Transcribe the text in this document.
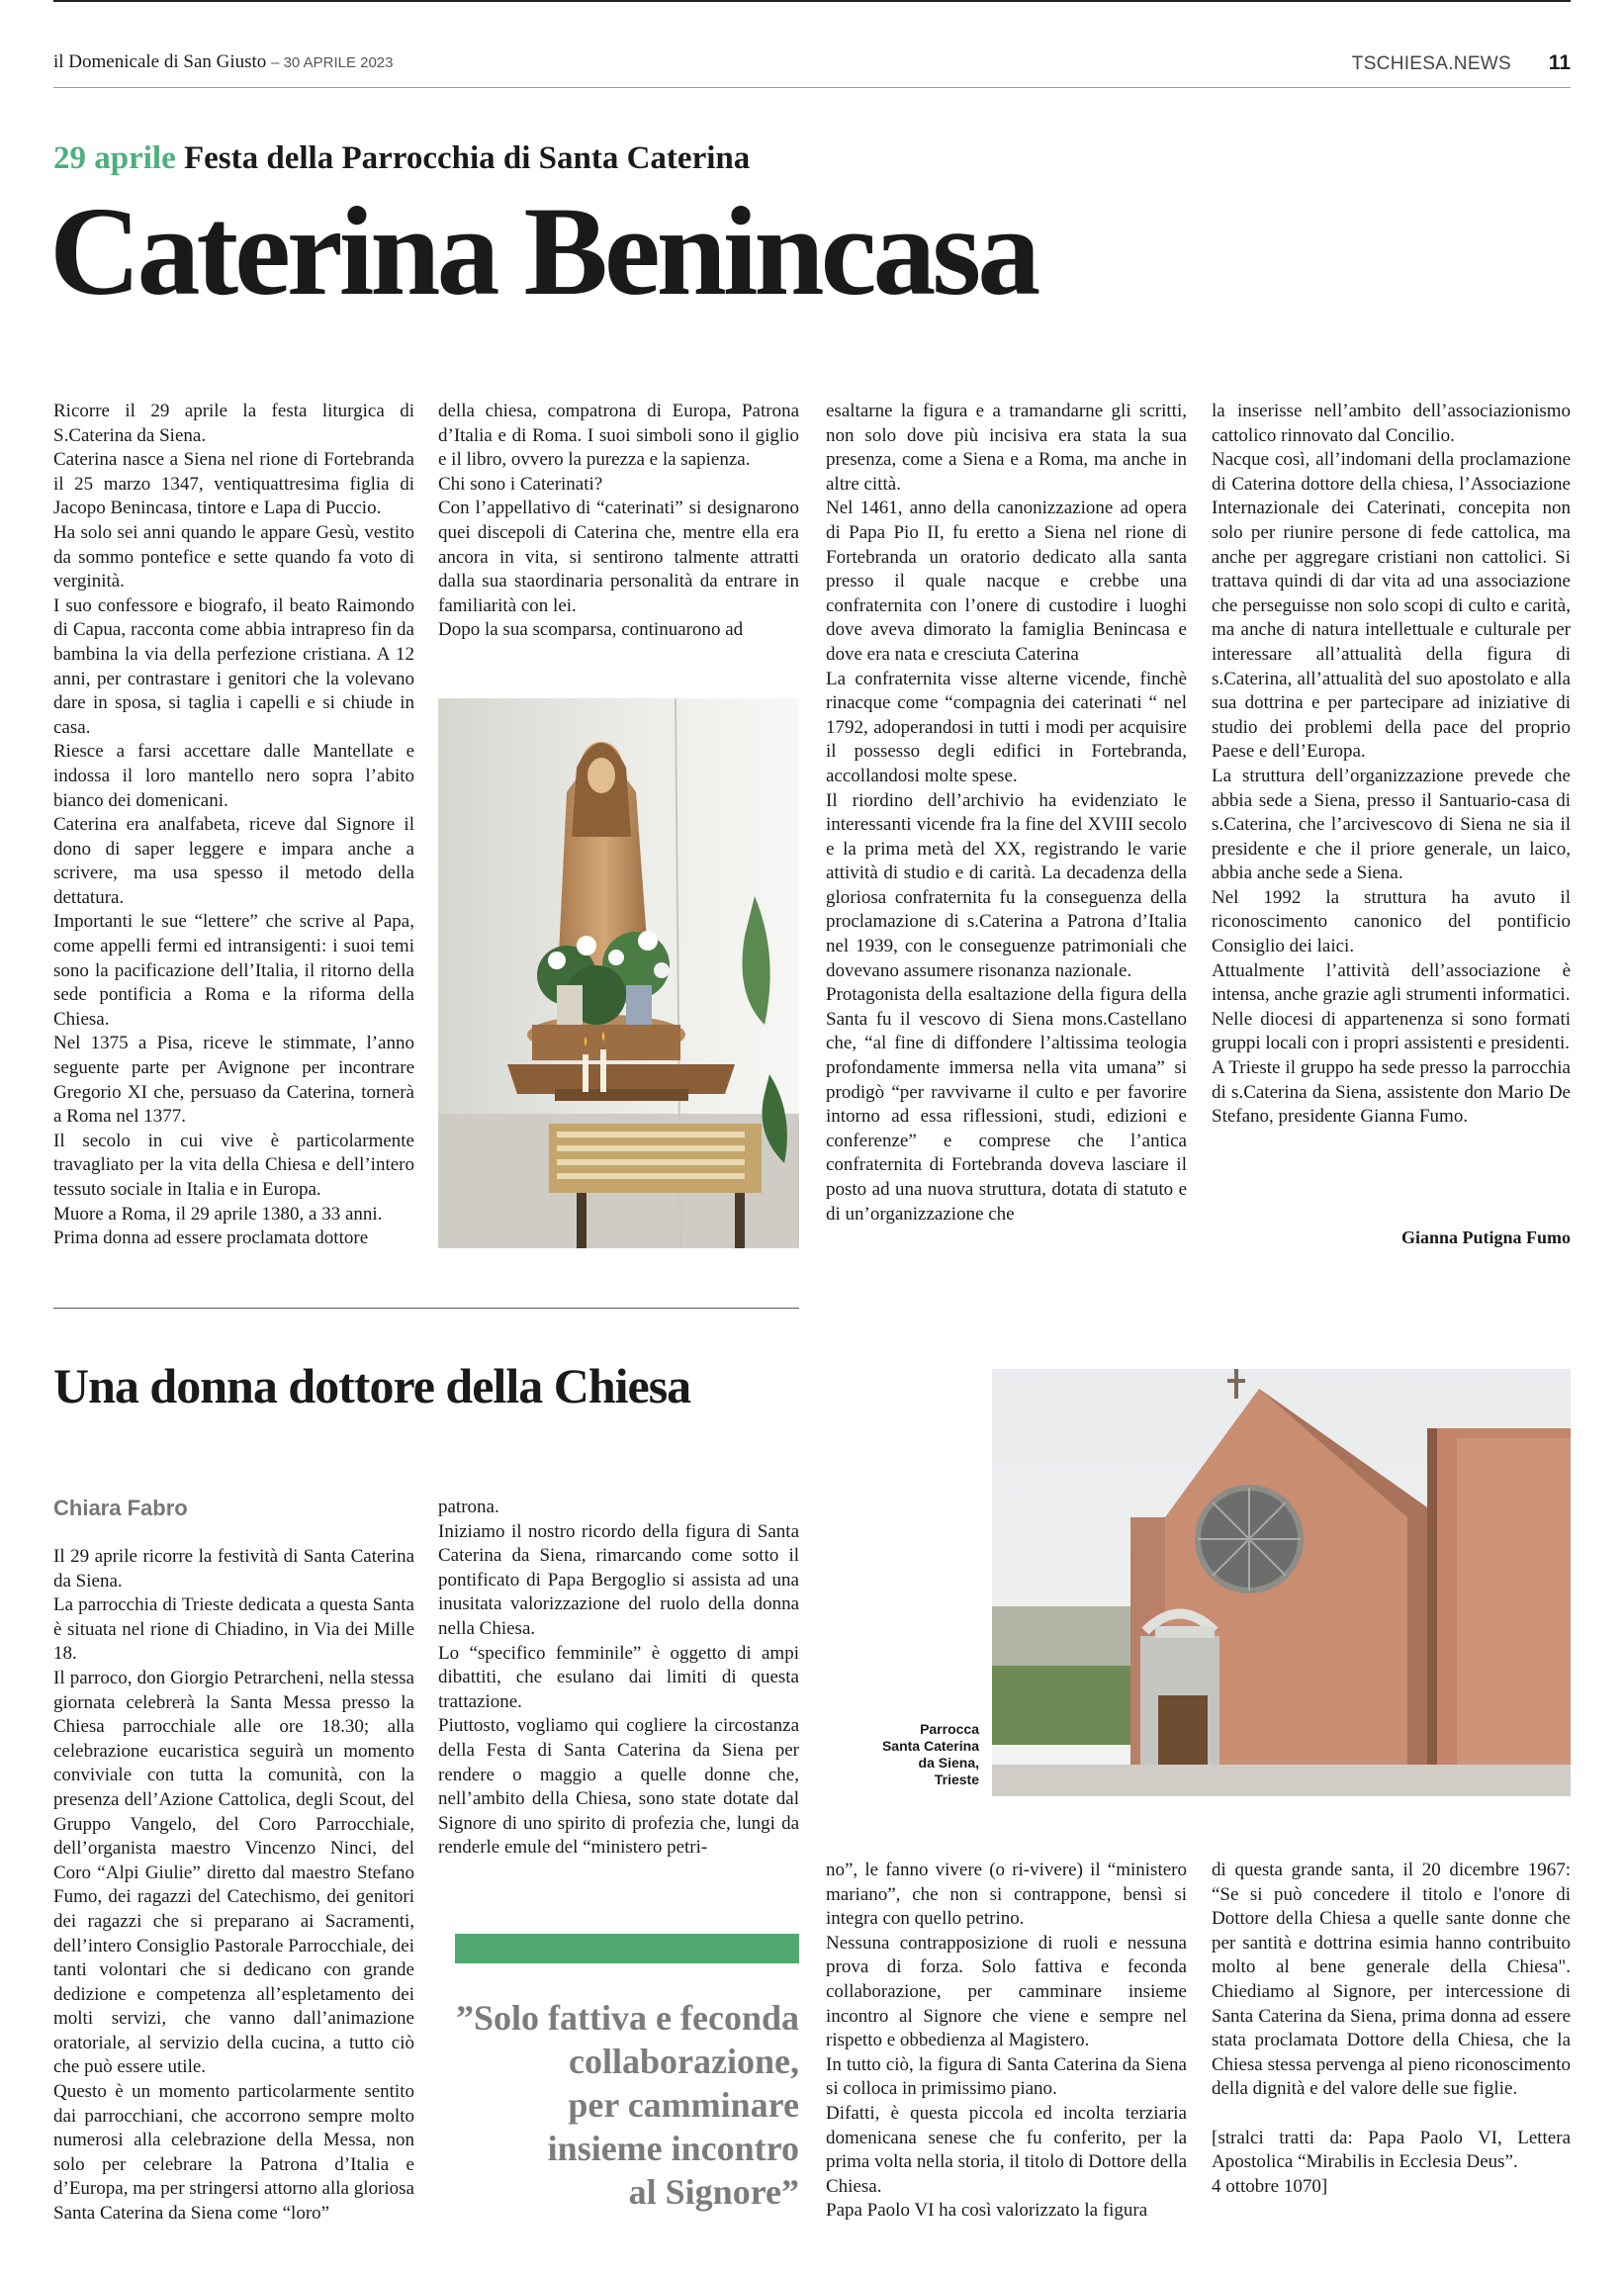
il Domenicale di San Giusto – 30 APRILE 2023	TSCHIESA.NEWS 11
29 aprile Festa della Parrocchia di Santa Caterina
Caterina Benincasa

Ricorre il 29 aprile la festa liturgica di S.Caterina da Siena.

Caterina nasce a Siena nel rione di Fortebranda il 25 marzo 1347, ventiquattresima figlia di Jacopo Benincasa, tintore e Lapa di Puccio.

Ha solo sei anni quando le appare Gesù, vestito da sommo pontefice e sette quando fa voto di verginità.

I suo confessore e biografo, il beato Raimondo di Capua, racconta come abbia intrapreso fin da bambina la via della perfezione cristiana. A 12 anni, per contrastare i genitori che la volevano dare in sposa, si taglia i capelli e si chiude in casa.

Riesce a farsi accettare dalle Mantellate e indossa il loro mantello nero sopra l’abito bianco dei domenicani.

Caterina era analfabeta, riceve dal Signore il dono di saper leggere e impara anche a scrivere, ma usa spesso il metodo della dettatura.

Importanti le sue “lettere” che scrive al Papa, come appelli fermi ed intransigenti: i suoi temi sono la pacificazione dell’Italia, il ritorno della sede pontificia a Roma e la riforma della Chiesa.

Nel 1375 a Pisa, riceve le stimmate, l’anno seguente parte per Avignone per incontrare Gregorio XI che, persuaso da Caterina, tornerà a Roma nel 1377.

Il secolo in cui vive è particolarmente travagliato per la vita della Chiesa e dell’intero tessuto sociale in Italia e in Europa.

Muore a Roma, il 29 aprile 1380, a 33 anni.

Prima donna ad essere proclamata dottore

della chiesa, compatrona di Europa, Patrona d’Italia e di Roma. I suoi simboli sono il giglio e il libro, ovvero la purezza e la sapienza.

Chi sono i Caterinati?

Con l’appellativo di “caterinati” si designarono quei discepoli di Caterina che, mentre ella era ancora in vita, si sentirono talmente attratti dalla sua staordinaria personalità da entrare in familiarità con lei.

Dopo la sua scomparsa, continuarono ad

esaltarne la figura e a tramandarne gli scritti, non solo dove più incisiva era stata la sua presenza, come a Siena e a Roma, ma anche in altre città.

Nel 1461, anno della canonizzazione ad opera di Papa Pio II, fu eretto a Siena nel rione di Fortebranda un oratorio dedicato alla santa presso il quale nacque e crebbe una confraternita con l’onere di custodire i luoghi dove aveva dimorato la famiglia Benincasa e dove era nata e cresciuta Caterina

La confraternita visse alterne vicende, finchè rinacque come “compagnia dei caterinati “ nel 1792, adoperandosi in tutti i modi per acquisire il possesso degli edifici in Fortebranda, accollandosi molte spese.

Il riordino dell’archivio ha evidenziato le interessanti vicende fra la fine del XVIII secolo e la prima metà del XX, registrando le varie attività di studio e di carità. La decadenza della gloriosa confraternita fu la conseguenza della proclamazione di s.Caterina a Patrona d’Italia nel 1939, con le conseguenze patrimoniali che dovevano assumere risonanza nazionale.

Protagonista della esaltazione della figura della Santa fu il vescovo di Siena mons.Castellano che, “al fine di diffondere l’altissima teologia profondamente immersa nella vita umana” si prodigò “per ravvivarne il culto e per favorire intorno ad essa riflessioni, studi, edizioni e conferenze” e comprese che l’antica confraternita di Fortebranda doveva lasciare il posto ad una nuova struttura, dotata di statuto e di un’organizzazione che

la inserisse nell’ambito dell’associazionismo cattolico rinnovato dal Concilio.

Nacque così, all’indomani della proclamazione di Caterina dottore della chiesa, l’Associazione Internazionale dei Caterinati, concepita non solo per riunire persone di fede cattolica, ma anche per aggregare cristiani non cattolici. Si trattava quindi di dar vita ad una associazione che perseguisse non solo scopi di culto e carità, ma anche di natura intellettuale e culturale per interessare all’attualità della figura di s.Caterina, all’attualità del suo apostolato e alla sua dottrina e per partecipare ad iniziative di studio dei problemi della pace del proprio Paese e dell’Europa.

La struttura dell’organizzazione prevede che abbia sede a Siena, presso il Santuario-casa di s.Caterina, che l’arcivescovo di Siena ne sia il presidente e che il priore generale, un laico, abbia anche sede a Siena.

Nel 1992 la struttura ha avuto il riconoscimento canonico del pontificio Consiglio dei laici.

Attualmente l’attività dell’associazione è intensa, anche grazie agli strumenti informatici.

Nelle diocesi di appartenenza si sono formati gruppi locali con i propri assistenti e presidenti.

A Trieste il gruppo ha sede presso la parrocchia di s.Caterina da Siena, assistente don Mario De Stefano, presidente Gianna Fumo.

Gianna Putigna Fumo
Una donna dottore della Chiesa
Chiara Fabro

Il 29 aprile ricorre la festività di Santa Caterina da Siena.

La parrocchia di Trieste dedicata a questa Santa è situata nel rione di Chiadino, in Via dei Mille 18.

Il parroco, don Giorgio Petrarcheni, nella stessa giornata celebrerà la Santa Messa presso la Chiesa parrocchiale alle ore 18.30; alla celebrazione eucaristica seguirà un momento conviviale con tutta la comunità, con la presenza dell’Azione Cattolica, degli Scout, del Gruppo Vangelo, del Coro Parrocchiale, dell’organista maestro Vincenzo Ninci, del Coro “Alpi Giulie” diretto dal maestro Stefano Fumo, dei ragazzi del Catechismo, dei genitori dei ragazzi che si preparano ai Sacramenti, dell’intero Consiglio Pastorale Parrocchiale, dei tanti volontari che si dedicano con grande dedizione e competenza all’espletamento dei molti servizi, che vanno dall’animazione oratoriale, al servizio della cucina, a tutto ciò che può essere utile.

Questo è un momento particolarmente sentito dai parrocchiani, che accorrono sempre molto numerosi alla celebrazione della Messa, non solo per celebrare la Patrona d’Italia e d’Europa, ma per stringersi attorno alla gloriosa Santa Caterina da Siena come “loro”

patrona.

Iniziamo il nostro ricordo della figura di Santa Caterina da Siena, rimarcando come sotto il pontificato di Papa Bergoglio si assista ad una inusitata valorizzazione del ruolo della donna nella Chiesa.

Lo “specifico femminile” è oggetto di ampi dibattiti, che esulano dai limiti di questa trattazione.

Piuttosto, vogliamo qui cogliere la circostanza della Festa di Santa Caterina da Siena per rendere o maggio a quelle donne che, nell’ambito della Chiesa, sono state dotate dal Signore di uno spirito di profezia che, lungi da renderle emule del “ministero petri-

no”, le fanno vivere (o ri-vivere) il “ministero mariano”, che non si contrappone, bensì si integra con quello petrino.

Nessuna contrapposizione di ruoli e nessuna prova di forza. Solo fattiva e feconda collaborazione, per camminare insieme incontro al Signore che viene e sempre nel rispetto e obbedienza al Magistero.

In tutto ciò, la figura di Santa Caterina da Siena si colloca in primissimo piano.

Difatti, è questa piccola ed incolta terziaria domenicana senese che fu conferito, per la prima volta nella storia, il titolo di Dottore della Chiesa.

Papa Paolo VI ha così valorizzato la figura

di questa grande santa, il 20 dicembre 1967: “Se si può concedere il titolo e l'onore di Dottore della Chiesa a quelle sante donne che per santità e dottrina esimia hanno contribuito molto al bene generale della Chiesa". Chiediamo al Signore, per intercessione di Santa Caterina da Siena, prima donna ad essere stata proclamata Dottore della Chiesa, che la Chiesa stessa pervenga al pieno riconoscimento della dignità e del valore delle sue figlie.

[stralci tratti da: Papa Paolo VI, Lettera Apostolica “Mirabilis in Ecclesia Deus”.

4 ottobre 1070]

Parrocca
Santa Caterina
da Siena,
Trieste
”Solo fattiva e feconda
collaborazione,
per camminare
insieme incontro
al Signore”
